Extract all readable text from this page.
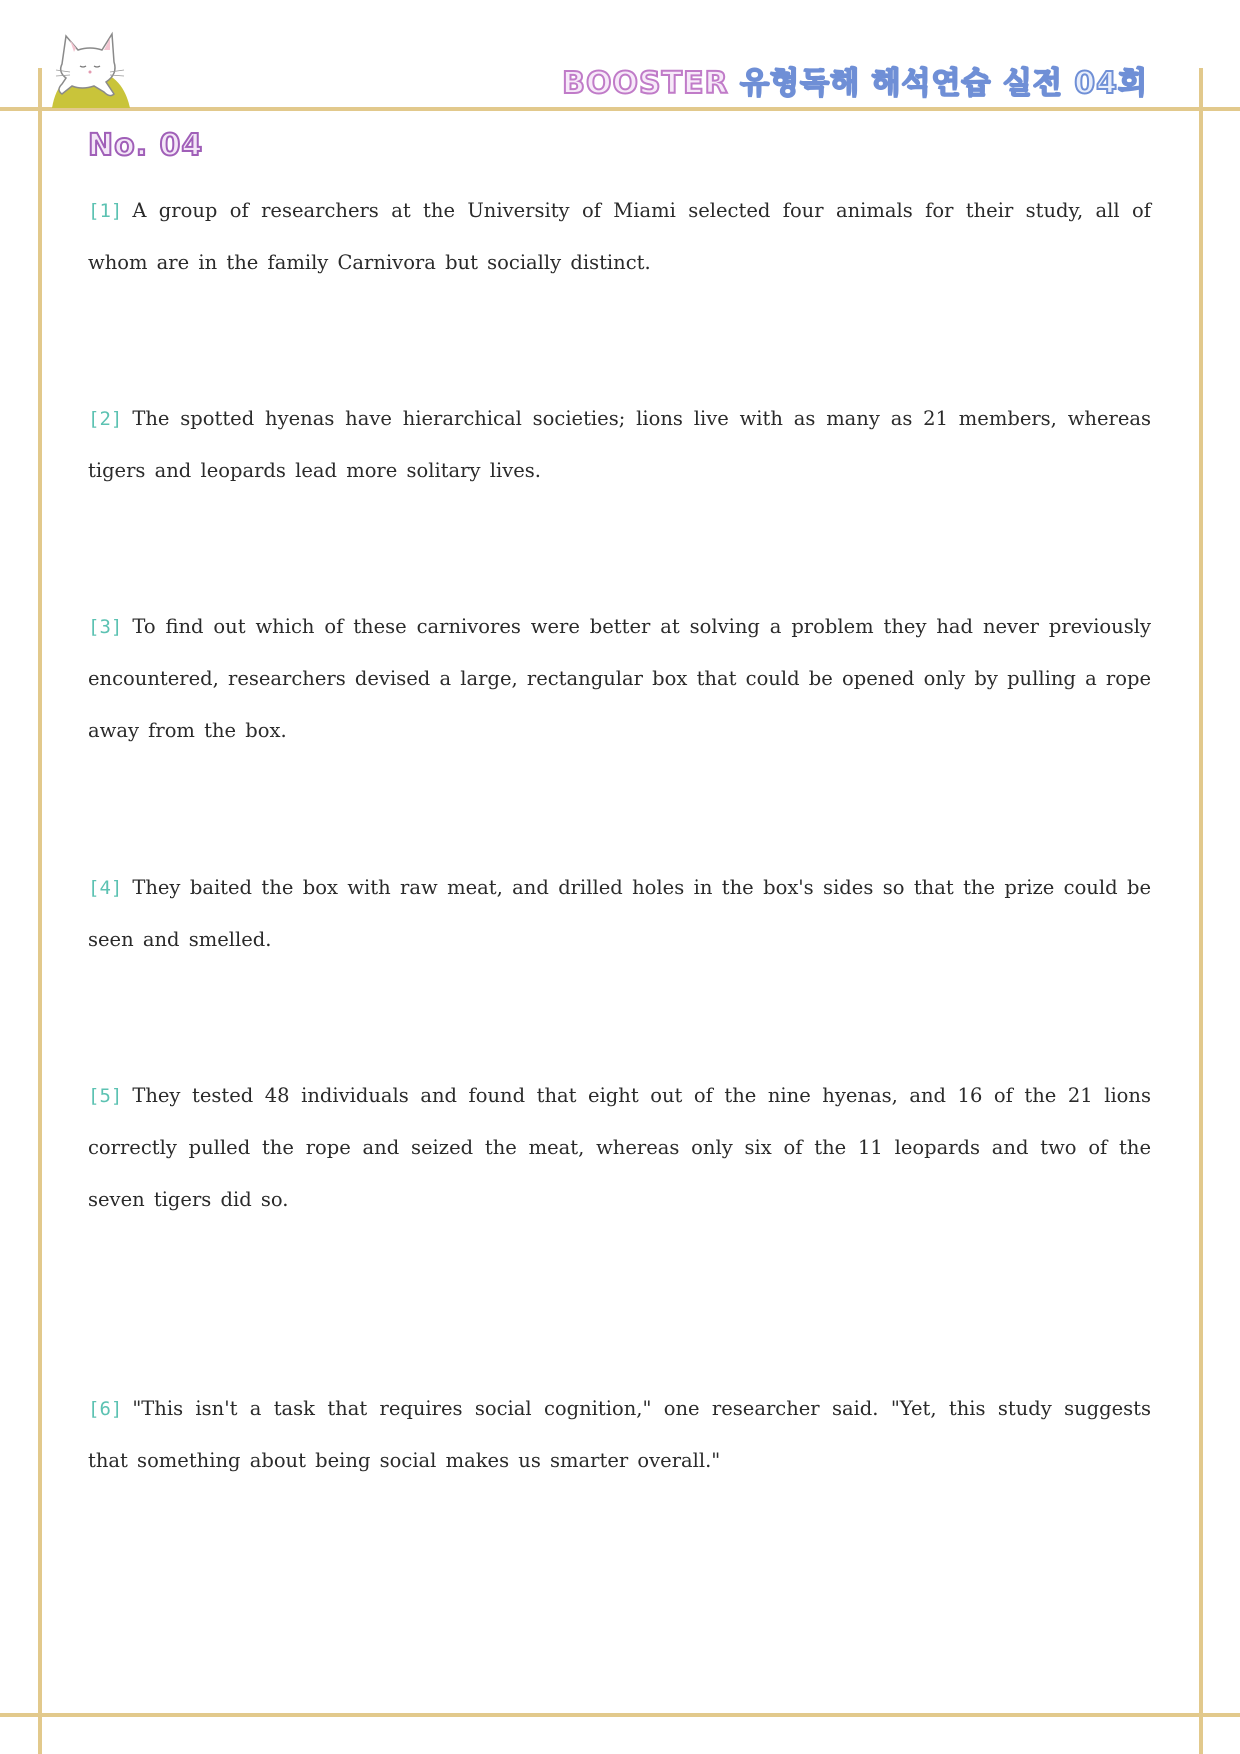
BOOSTER 유형독해 해석연습 실전 04회
No. 04
[1] A group of researchers at the University of Miami selected four animals for their study, all of whom are in the family Carnivora but socially distinct.
[2] The spotted hyenas have hierarchical societies; lions live with as many as 21 members, whereas tigers and leopards lead more solitary lives.
[3] To find out which of these carnivores were better at solving a problem they had never previously encountered, researchers devised a large, rectangular box that could be opened only by pulling a rope away from the box.
[4] They baited the box with raw meat, and drilled holes in the box's sides so that the prize could be seen and smelled.
[5] They tested 48 individuals and found that eight out of the nine hyenas, and 16 of the 21 lions correctly pulled the rope and seized the meat, whereas only six of the 11 leopards and two of the seven tigers did so.
[6] "This isn't a task that requires social cognition," one researcher said. "Yet, this study suggests that something about being social makes us smarter overall."
